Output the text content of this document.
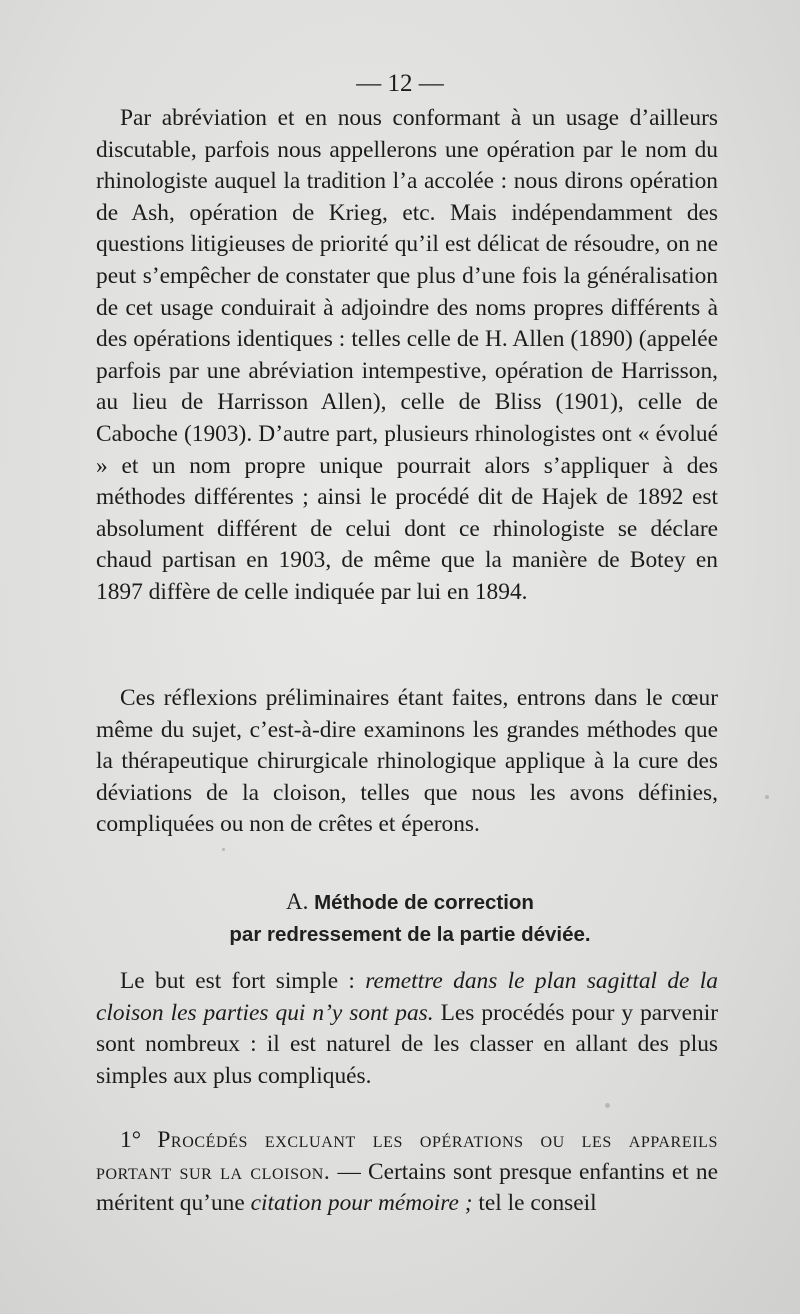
— 12 —

Par abréviation et en nous conformant à un usage d’ailleurs discutable, parfois nous appellerons une opération par le nom du rhinologiste auquel la tradition l’a accolée : nous dirons opération de Ash, opération de Krieg, etc. Mais indépendamment des questions litigieuses de priorité qu’il est délicat de résoudre, on ne peut s’empêcher de constater que plus d’une fois la généralisation de cet usage conduirait à adjoindre des noms propres différents à des opérations identiques : telles celle de H. Allen (1890) (appelée parfois par une abréviation intempestive, opération de Harrisson, au lieu de Harrisson Allen), celle de Bliss (1901), celle de Caboche (1903). D’autre part, plusieurs rhinologistes ont « évolué » et un nom propre unique pourrait alors s’appliquer à des méthodes différentes ; ainsi le procédé dit de Hajek de 1892 est absolument différent de celui dont ce rhinologiste se déclare chaud partisan en 1903, de même que la manière de Botey en 1897 diffère de celle indiquée par lui en 1894.

Ces réflexions préliminaires étant faites, entrons dans le cœur même du sujet, c’est-à-dire examinons les grandes méthodes que la thérapeutique chirurgicale rhinologique applique à la cure des déviations de la cloison, telles que nous les avons définies, compliquées ou non de crêtes et éperons.

A. Méthode de correction
par redressement de la partie déviée.

Le but est fort simple : remettre dans le plan sagittal de la cloison les parties qui n’y sont pas. Les procédés pour y parvenir sont nombreux : il est naturel de les classer en allant des plus simples aux plus compliqués.

1° Procédés excluant les opérations ou les appareils portant sur la cloison. — Certains sont presque enfantins et ne méritent qu’une citation pour mémoire ; tel le conseil
